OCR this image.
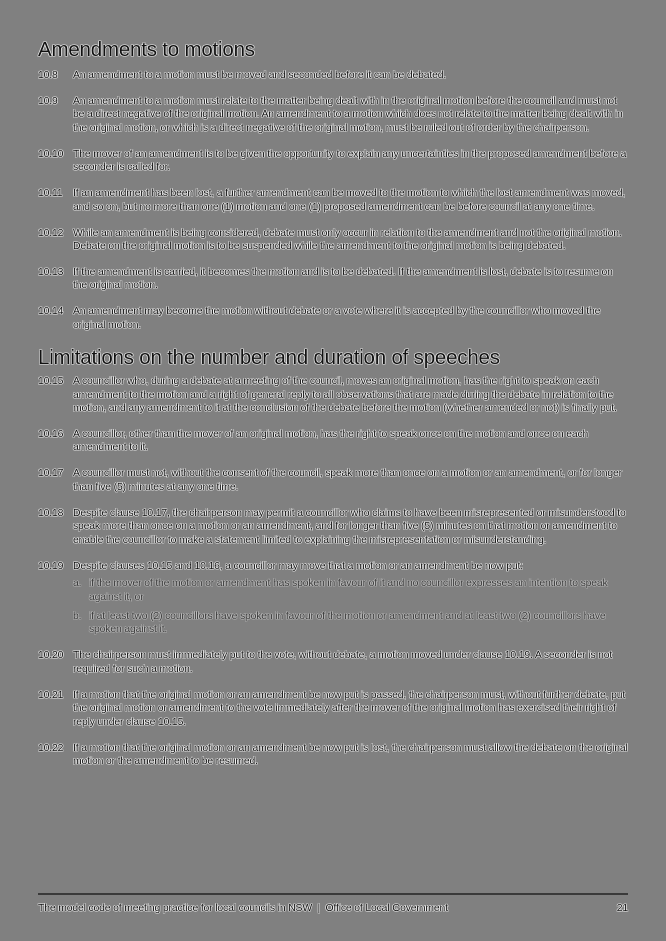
Amendments to motions
10.8	An amendment to a motion must be moved and seconded before it can be debated.
10.9	An amendment to a motion must relate to the matter being dealt with in the original motion before the council and must not be a direct negative of the original motion. An amendment to a motion which does not relate to the matter being dealt with in the original motion, or which is a direct negative of the original motion, must be ruled out of order by the chairperson.
10.10 The mover of an amendment is to be given the opportunity to explain any uncertainties in the proposed amendment before a seconder is called for.
10.11	If an amendment has been lost, a further amendment can be moved to the motion to which the lost amendment was moved, and so on, but no more than one (1) motion and one (1) proposed amendment can be before council at any one time.
10.12 While an amendment is being considered, debate must only occur in relation to the amendment and not the original motion. Debate on the original motion is to be suspended while the amendment to the original motion is being debated.
10.13 If the amendment is carried, it becomes the motion and is to be debated. If the amendment is lost, debate is to resume on the original motion.
10.14 An amendment may become the motion without debate or a vote where it is accepted by the councillor who moved the original motion.
Limitations on the number and duration of speeches
10.15 A councillor who, during a debate at a meeting of the council, moves an original motion, has the right to speak on each amendment to the motion and a right of general reply to all observations that are made during the debate in relation to the motion, and any amendment to it at the conclusion of the debate before the motion (whether amended or not) is finally put.
10.16 A councillor, other than the mover of an original motion, has the right to speak once on the motion and once on each amendment to it.
10.17 A councillor must not, without the consent of the council, speak more than once on a motion or an amendment, or for longer than five (5) minutes at any one time.
10.18 Despite clause 10.17, the chairperson may permit a councillor who claims to have been misrepresented or misunderstood to speak more than once on a motion or an amendment, and for longer than five (5) minutes on that motion or amendment to enable the councillor to make a statement limited to explaining the misrepresentation or misunderstanding.
10.19 Despite clauses 10.15 and 10.16, a councillor may move that a motion or an amendment be now put:
a. if the mover of the motion or amendment has spoken in favour of it and no councillor expresses an intention to speak against it, or
b. if at least two (2) councillors have spoken in favour of the motion or amendment and at least two (2) councillors have spoken against it.
10.20 The chairperson must immediately put to the vote, without debate, a motion moved under clause 10.19. A seconder is not required for such a motion.
10.21 If a motion that the original motion or an amendment be now put is passed, the chairperson must, without further debate, put the original motion or amendment to the vote immediately after the mover of the original motion has exercised their right of reply under clause 10.15.
10.22 If a motion that the original motion or an amendment be now put is lost, the chairperson must allow the debate on the original motion or the amendment to be resumed.
The model code of meeting practice for local councils in NSW  |  Office of Local Government	21
